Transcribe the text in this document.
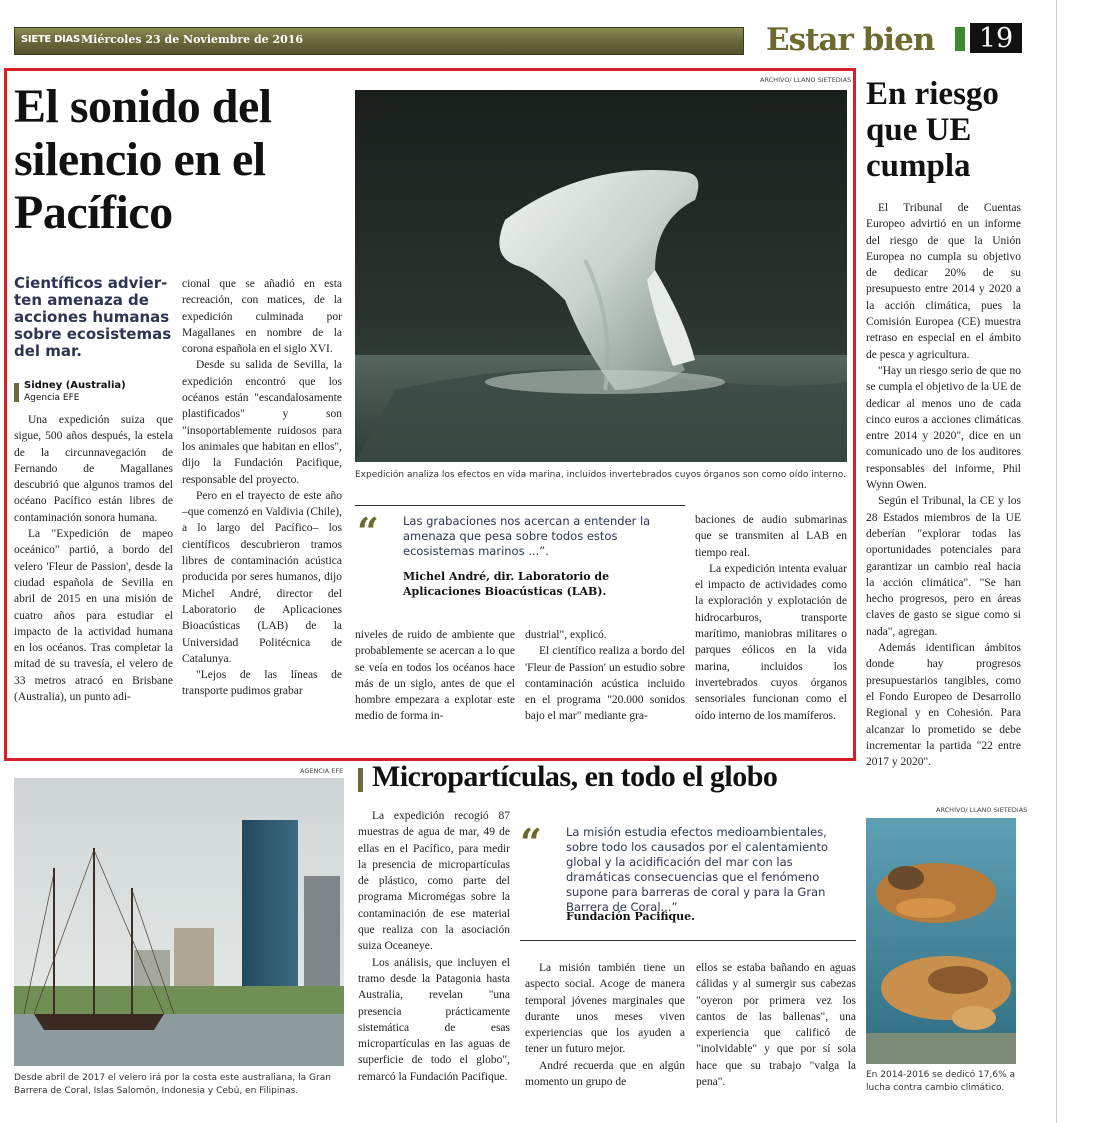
SIETE DIAS Miércoles 23 de Noviembre de 2016	Estar bien	19
El sonido del silencio en el Pacífico
Científicos advier-ten amenaza de acciones humanas sobre ecosistemas del mar.
Sidney (Australia)
Agencia EFE

Una expedición suiza que sigue, 500 años después, la estela de la circunnavegación de Fernando de Magallanes descubrió que algunos tramos del océano Pacífico están libres de contaminación sonora humana.

La "Expedición de mapeo oceánico" partió, a bordo del velero 'Fleur de Passion', desde la ciudad española de Sevilla en abril de 2015 en una misión de cuatro años para estudiar el impacto de la actividad humana en los océanos. Tras completar la mitad de su travesía, el velero de 33 metros atracó en Brisbane (Australia), un punto adi-

cional que se añadió en esta recreación, con matices, de la expedición culminada por Magallanes en nombre de la corona española en el siglo XVI.

Desde su salida de Sevilla, la expedición encontró que los océanos están "escandalosamente plastificados" y son "insoportablemente ruidosos para los animales que habitan en ellos", dijo la Fundación Pacifique, responsable del proyecto.

Pero en el trayecto de este año –que comenzó en Valdivia (Chile), a lo largo del Pacífico– los científicos descubrieron tramos libres de contaminación acústica producida por seres humanos, dijo Michel André, director del Laboratorio de Aplicaciones Bioacústicas (LAB) de la Universidad Politécnica de Catalunya.

"Lejos de las líneas de transporte pudimos grabar

ARCHIVO/ LLANO SIETEDIAS
Expedición analiza los efectos en vida marina, incluidos invertebrados cuyos órganos son como oído interno.
“ Las grabaciones nos acercan a entender la amenaza que pesa sobre todos estos ecosistemas marinos ...”.
Michel André, dir. Laboratorio de Aplicaciones Bioacústicas (LAB).

niveles de ruido de ambiente que probablemente se acercan a lo que se veía en todos los océanos hace más de un siglo, antes de que el hombre empezara a explotar este medio de forma in-

dustrial", explicó.

El científico realiza a bordo del 'Fleur de Passion' un estudio sobre contaminación acústica incluido en el programa "20.000 sonidos bajo el mar" mediante gra-

baciones de audio submarinas que se transmiten al LAB en tiempo real.

La expedición intenta evaluar el impacto de actividades como la exploración y explotación de hidrocarburos, transporte marítimo, maniobras militares o parques eólicos en la vida marina, incluidos los invertebrados cuyos órganos sensoriales funcionan como el oído interno de los mamíferos.

En riesgo que UE cumpla

El Tribunal de Cuentas Europeo advirtió en un informe del riesgo de que la Unión Europea no cumpla su objetivo de dedicar 20% de su presupuesto entre 2014 y 2020 a la acción climática, pues la Comisión Europea (CE) muestra retraso en especial en el ámbito de pesca y agricultura.

"Hay un riesgo serio de que no se cumpla el objetivo de la UE de dedicar al menos uno de cada cinco euros a acciones climáticas entre 2014 y 2020", dice en un comunicado uno de los auditores responsables del informe, Phil Wynn Owen.

Según el Tribunal, la CE y los 28 Estados miembros de la UE deberían "explorar todas las oportunidades potenciales para garantizar un cambio real hacia la acción climática". "Se han hecho progresos, pero en áreas claves de gasto se sigue como si nada", agregan.

Además identifican ámbitos donde hay progresos presupuestarios tangibles, como el Fondo Europeo de Desarrollo Regional y en Cohesión. Para alcanzar lo prometido se debe incrementar la partida "22 entre 2017 y 2020".

AGENCIA EFE
Desde abril de 2017 el velero irá por la costa este australiana, la Gran Barrera de Coral, Islas Salomón, Indonesia y Cebú, en Filipinas.
Micropartículas, en todo el globo

La expedición recogió 87 muestras de agua de mar, 49 de ellas en el Pacífico, para medir la presencia de micropartículas de plástico, como parte del programa Micromégas sobre la contaminación de ese material que realiza con la asociación suiza Oceaneye.

Los análisis, que incluyen el tramo desde la Patagonia hasta Australia, revelan "una presencia prácticamente sistemática de esas micropartículas en las aguas de superficie de todo el globo", remarcó la Fundación Pacifique.

“ La misión estudia efectos medioambientales, sobre todo los causados por el calentamiento global y la acidificación del mar con las dramáticas consecuencias que el fenómeno supone para barreras de coral y para la Gran Barrera de Coral...”
Fundación Pacifique.

La misión también tiene un aspecto social. Acoge de manera temporal jóvenes marginales que durante unos meses viven experiencias que los ayuden a tener un futuro mejor.

André recuerda que en algún momento un grupo de

ellos se estaba bañando en aguas cálidas y al sumergir sus cabezas "oyeron por primera vez los cantos de las ballenas", una experiencia que calificó de "inolvidable" y que por sí sola hace que su trabajo "valga la pena".

ARCHIVO/ LLANO SIETEDIAS
En 2014-2016 se dedicó 17,6% a lucha contra cambio climático.
